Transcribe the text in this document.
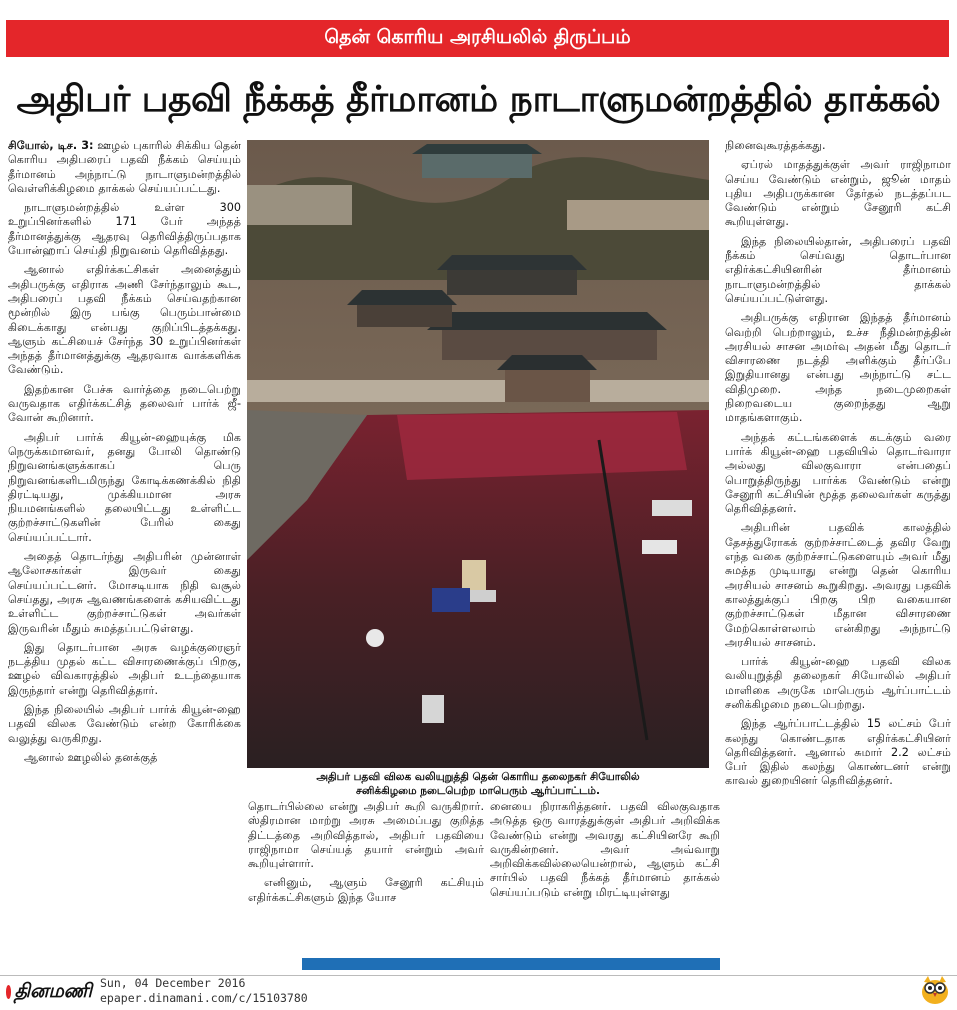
தென் கொரிய அரசியலில் திருப்பம்
அதிபர் பதவி நீக்கத் தீர்மானம் நாடாளுமன்றத்தில் தாக்கல்

சியோல், டிச. 3: ஊழல் புகாரில் சிக்கிய தென் கொரிய அதிபரைப் பதவி நீக்கம் செய்யும் தீர்மானம் அந்நாட்டு நாடாளுமன்றத்தில் வெள்ளிக்கிழமை தாக்கல் செய்யப்பட்டது.

நாடாளுமன்றத்தில் உள்ள 300 உறுப்பினர்களில் 171 பேர் அந்தத் தீர்மானத்துக்கு ஆதரவு தெரிவித்திருப்பதாக யோன்ஹாப் செய்தி நிறுவனம் தெரிவித்தது.

ஆனால் எதிர்க்கட்சிகள் அனைத்தும் அதிபருக்கு எதிராக அணி சேர்ந்தாலும் கூட, அதிபரைப் பதவி நீக்கம் செய்வதற்கான மூன்றில் இரு பங்கு பெரும்பான்மை கிடைக்காது என்பது குறிப்பிடத்தக்கது. ஆளும் கட்சியைச் சேர்ந்த 30 உறுப்பினர்கள் அந்தத் தீர்மானத்துக்கு ஆதரவாக வாக்களிக்க வேண்டும்.

இதற்கான பேச்சு வார்த்தை நடைபெற்று வருவதாக எதிர்க்கட்சித் தலைவர் பார்க் ஜீ-வோன் கூறினார்.

அதிபர் பார்க் கியூன்-ஹையுக்கு மிக நெருக்கமானவர், தனது போலி தொண்டு நிறுவனங்களுக்காகப் பெரு நிறுவனங்களிடமிருந்து கோடிக்கணக்கில் நிதி திரட்டியது, முக்கியமான அரசு நியமனங்களில் தலையிட்டது உள்ளிட்ட குற்றச்சாட்டுகளின் பேரில் கைது செய்யப்பட்டார்.

அதைத் தொடர்ந்து அதிபரின் முன்னாள் ஆலோசகர்கள் இருவர் கைது செய்யப்பட்டனர். மோசடியாக நிதி வசூல் செய்தது, அரசு ஆவணங்களைக் கசியவிட்டது உள்ளிட்ட குற்றச்சாட்டுகள் அவர்கள் இருவரின் மீதும் சுமத்தப்பட்டுள்ளது.

இது தொடர்பான அரசு வழக்குரைஞர் நடத்திய முதல் கட்ட விசாரணைக்குப் பிறகு, ஊழல் விவகாரத்தில் அதிபர் உடந்தையாக இருந்தார் என்று தெரிவித்தார்.

இந்த நிலையில் அதிபர் பார்க் கியூன்-ஹை பதவி விலக வேண்டும் என்ற கோரிக்கை வலுத்து வருகிறது.

ஆனால் ஊழலில் தனக்குத்

அதிபர் பதவி விலக வலியுறுத்தி தென் கொரிய தலைநகர் சியோலில்
சனிக்கிழமை நடைபெற்ற மாபெரும் ஆர்ப்பாட்டம்.

தொடர்பில்லை என்று அதிபர் கூறி வருகிறார். ஸ்திரமான மாற்று அரசு அமைப்பது குறித்த திட்டத்தை அறிவித்தால், அதிபர் பதவியை ராஜிநாமா செய்யத் தயார் என்றும் அவர் கூறியுள்ளார்.

எனினும், ஆளும் சேனூரி கட்சியும் எதிர்க்கட்சிகளும் இந்த யோச

னையை நிராகரித்தனர். பதவி விலகுவதாக அடுத்த ஒரு வாரத்துக்குள் அதிபர் அறிவிக்க வேண்டும் என்று அவரது கட்சியினரே கூறி வருகின்றனர். அவர் அவ்வாறு அறிவிக்கவில்லையென்றால், ஆளும் கட்சி சார்பில் பதவி நீக்கத் தீர்மானம் தாக்கல் செய்யப்படும் என்று மிரட்டியுள்ளது

நினைவுகூரத்தக்கது.

ஏப்ரல் மாதத்துக்குள் அவர் ராஜிநாமா செய்ய வேண்டும் என்றும், ஜூன் மாதம் புதிய அதிபருக்கான தேர்தல் நடத்தப்பட வேண்டும் என்றும் சேனூரி கட்சி கூறியுள்ளது.

இந்த நிலையில்தான், அதிபரைப் பதவி நீக்கம் செய்வது தொடர்பான எதிர்க்கட்சியினரின் தீர்மானம் நாடாளுமன்றத்தில் தாக்கல் செய்யப்பட்டுள்ளது.

அதிபருக்கு எதிரான இந்தத் தீர்மானம் வெற்றி பெற்றாலும், உச்ச நீதிமன்றத்தின் அரசியல் சாசன அமர்வு அதன் மீது தொடர் விசாரணை நடத்தி அளிக்கும் தீர்ப்பே இறுதியானது என்பது அந்நாட்டு சட்ட விதிமுறை. அந்த நடைமுறைகள் நிறைவடைய குறைந்தது ஆறு மாதங்களாகும்.

அந்தக் கட்டங்களைக் கடக்கும் வரை பார்க் கியூன்-ஹை பதவியில் தொடர்வாரா அல்லது விலகுவாரா என்பதைப் பொறுத்திருந்து பார்க்க வேண்டும் என்று சேனூரி கட்சியின் மூத்த தலைவர்கள் கருத்து தெரிவித்தனர்.

அதிபரின் பதவிக் காலத்தில் தேசத்துரோகக் குற்றச்சாட்டைத் தவிர வேறு எந்த வகை குற்றச்சாட்டுகளையும் அவர் மீது சுமத்த முடியாது என்று தென் கொரிய அரசியல் சாசனம் கூறுகிறது. அவரது பதவிக் காலத்துக்குப் பிறகு பிற வகையான குற்றச்சாட்டுகள் மீதான விசாரணை மேற்கொள்ளலாம் என்கிறது அந்நாட்டு அரசியல் சாசனம்.

பார்க் கியூன்-ஹை பதவி விலக வலியுறுத்தி தலைநகர் சியோலில் அதிபர் மாளிகை அருகே மாபெரும் ஆர்ப்பாட்டம் சனிக்கிழமை நடைபெற்றது.

இந்த ஆர்ப்பாட்டத்தில் 15 லட்சம் பேர் கலந்து கொண்டதாக எதிர்க்கட்சியினர் தெரிவித்தனர். ஆனால் சுமார் 2.2 லட்சம் பேர் இதில் கலந்து கொண்டனர் என்று காவல் துறையினர் தெரிவித்தனர்.

தினமணி Sun, 04 December 2016
epaper.dinamani.com/c/15103780
